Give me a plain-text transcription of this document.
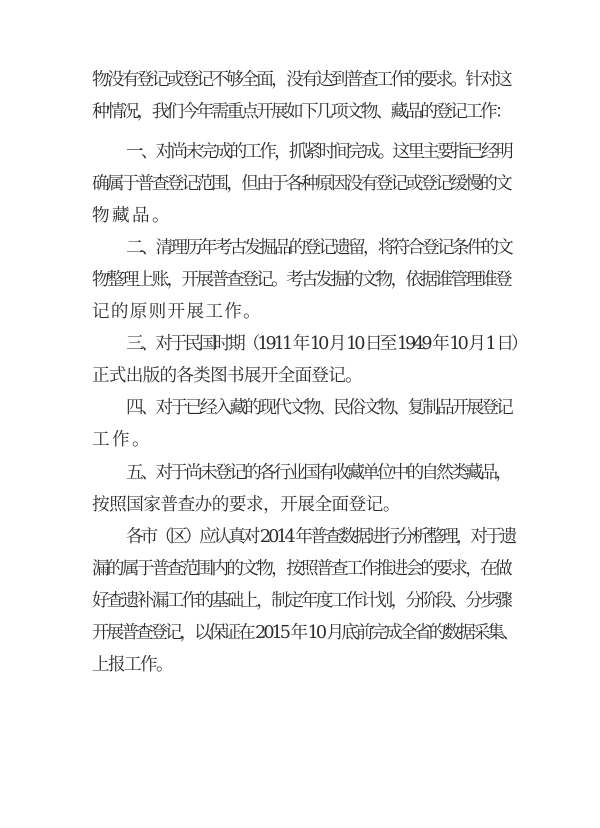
物没有登记或登记不够全面，没有达到普查工作的要求。针对这
种情况，我们今年需重点开展如下几项文物、藏品的登记工作：
一、对尚未完成的工作，抓紧时间完成。这里主要指已经明
确属于普查登记范围，但由于各种原因没有登记或登记缓慢的文
物藏品。
二、清理历年考古发掘品的登记遗留，将符合登记条件的文
物整理上账，开展普查登记。考古发掘的文物，依据谁管理谁登
记的原则开展工作。
三、对于民国时期（1911 年 10 月 10 日至 1949 年 10 月 1 日）
正式出版的各类图书展开全面登记。
四、对于已经入藏的现代文物、民俗文物、复制品开展登记
工作。
五、对于尚未登记的各行业国有收藏单位中的自然类藏品，
按照国家普查办的要求，开展全面登记。
各市（区）应认真对 2014 年普查数据进行分析整理，对于遗
漏的属于普查范围内的文物，按照普查工作推进会的要求，在做
好查遗补漏工作的基础上，制定年度工作计划，分阶段、分步骤
开展普查登记，以保证在 2015 年 10 月底前完成全省的数据采集、
上报工作。
